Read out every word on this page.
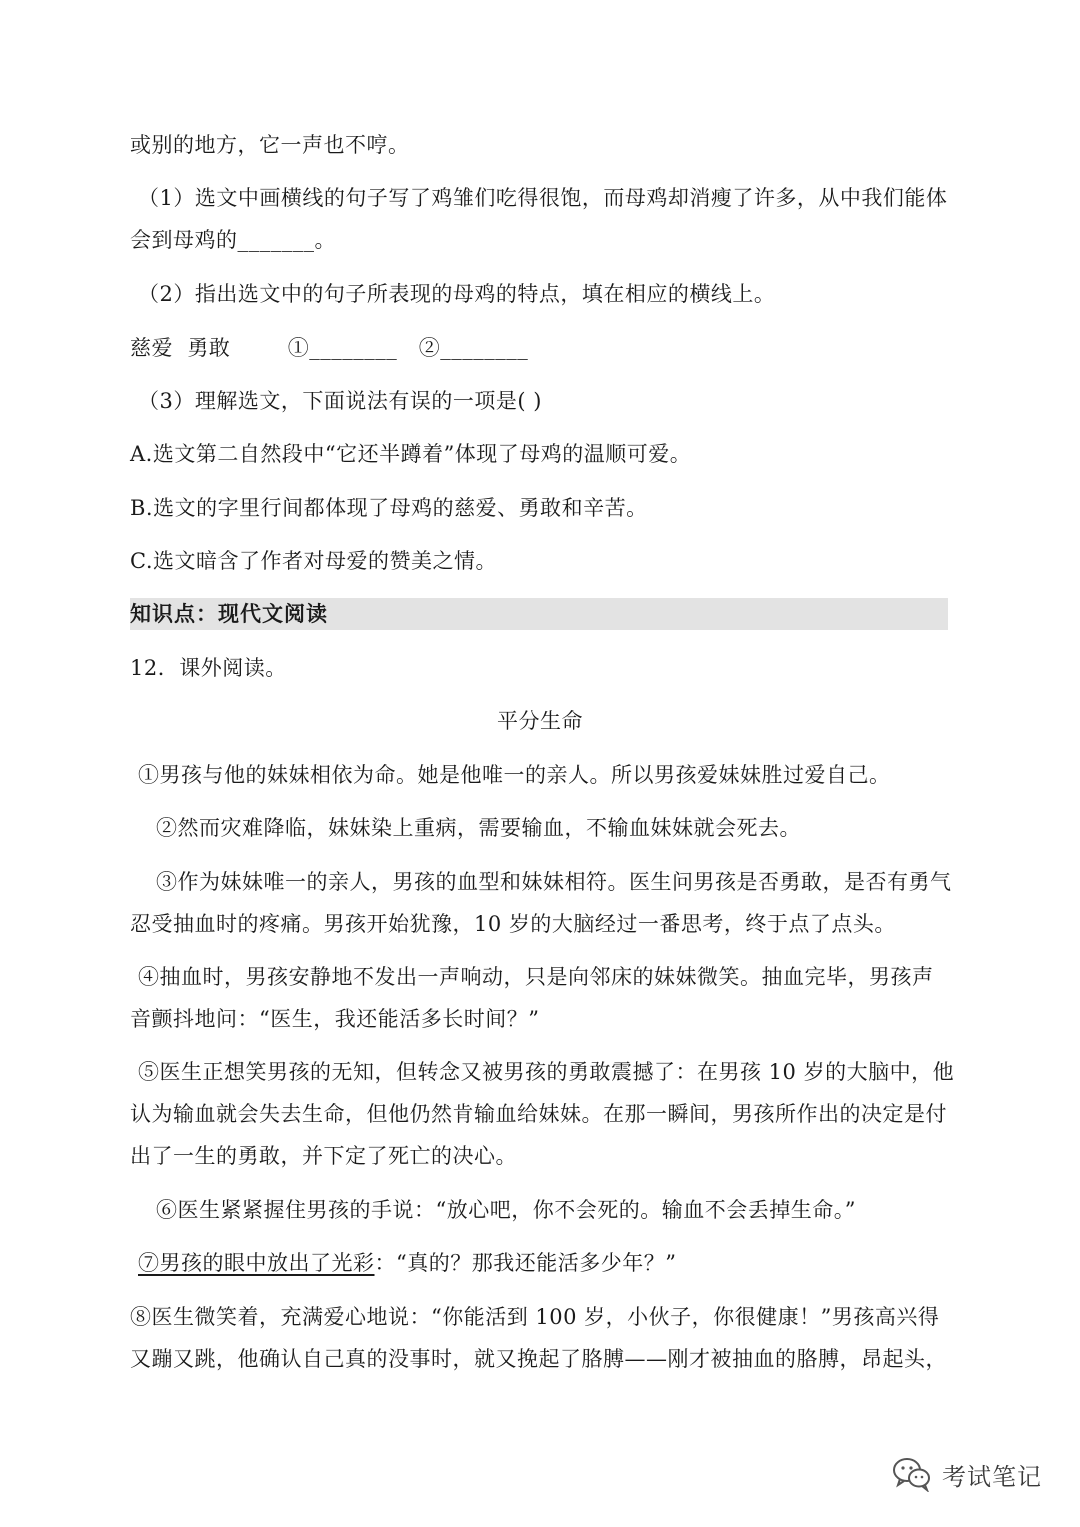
或别的地方，它一声也不哼。
（1）选文中画横线的句子写了鸡雏们吃得很饱，而母鸡却消瘦了许多，从中我们能体
会到母鸡的_______。
（2）指出选文中的句子所表现的母鸡的特点，填在相应的横线上。
慈爱  勇敢        ①________   ②________
（3）理解选文，下面说法有误的一项是( )
A.选文第二自然段中“它还半蹲着”体现了母鸡的温顺可爱。
B.选文的字里行间都体现了母鸡的慈爱、勇敢和辛苦。
C.选文暗含了作者对母爱的赞美之情。
知识点：现代文阅读
12．课外阅读。
平分生命
①男孩与他的妹妹相依为命。她是他唯一的亲人。所以男孩爱妹妹胜过爱自己。
②然而灾难降临，妹妹染上重病，需要输血，不输血妹妹就会死去。
③作为妹妹唯一的亲人，男孩的血型和妹妹相符。医生问男孩是否勇敢，是否有勇气
忍受抽血时的疼痛。男孩开始犹豫，10 岁的大脑经过一番思考，终于点了点头。
④抽血时，男孩安静地不发出一声响动，只是向邻床的妹妹微笑。抽血完毕，男孩声
音颤抖地问：“医生，我还能活多长时间？”
⑤医生正想笑男孩的无知，但转念又被男孩的勇敢震撼了：在男孩 10 岁的大脑中，他
认为输血就会失去生命，但他仍然肯输血给妹妹。在那一瞬间，男孩所作出的决定是付
出了一生的勇敢，并下定了死亡的决心。
⑥医生紧紧握住男孩的手说：“放心吧，你不会死的。输血不会丢掉生命。”
⑦男孩的眼中放出了光彩：“真的？那我还能活多少年？”
⑧医生微笑着，充满爱心地说：“你能活到 100 岁，小伙子，你很健康！”男孩高兴得
又蹦又跳，他确认自己真的没事时，就又挽起了胳膊——刚才被抽血的胳膊，昂起头，
考试笔记
